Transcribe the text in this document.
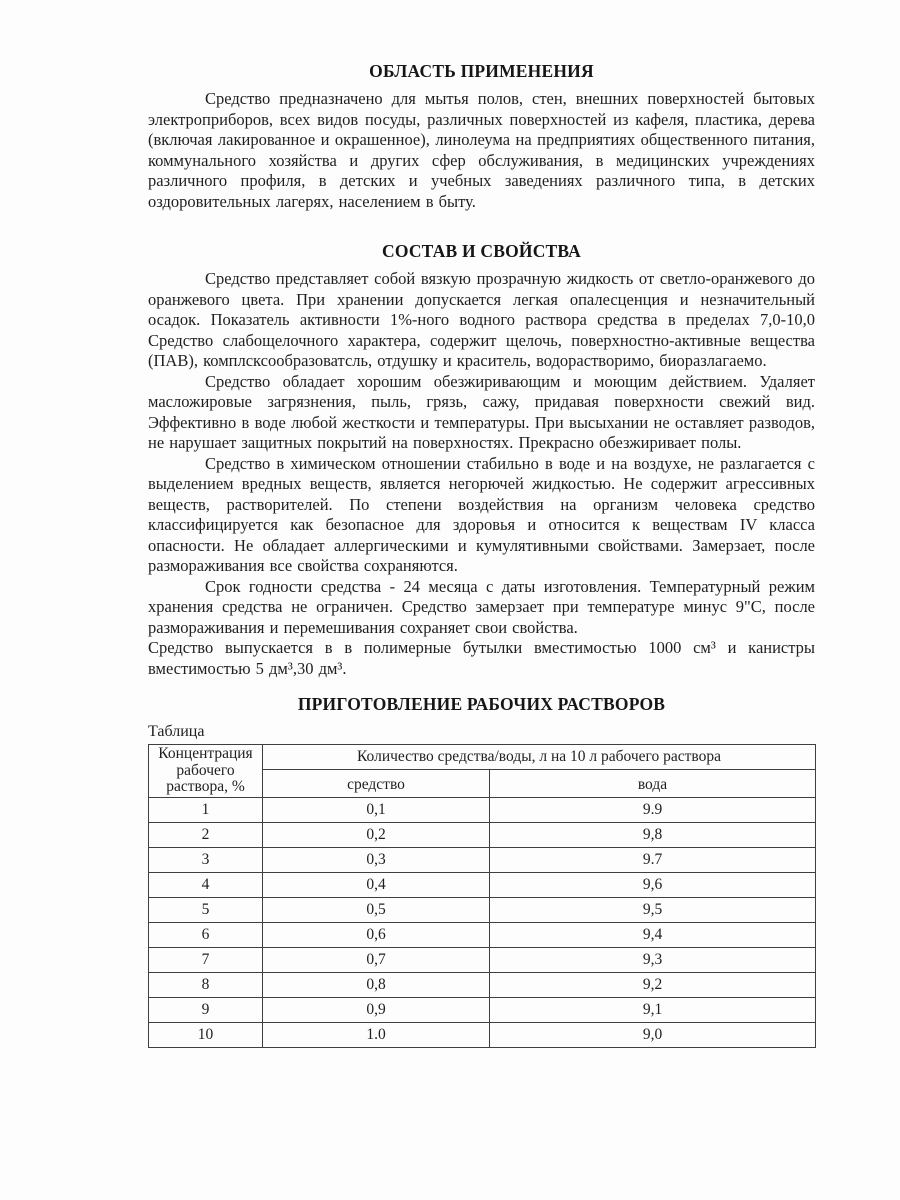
ОБЛАСТЬ ПРИМЕНЕНИЯ

Средство предназначено для мытья полов, стен, внешних поверхностей бытовых электроприборов, всех видов посуды, различных поверхностей из кафеля, пластика, дерева (включая лакированное и окрашенное), линолеума на предприятиях общественного питания, коммунального хозяйства и других сфер обслуживания, в медицинских учреждениях различного профиля, в детских и учебных заведениях различного типа, в детских оздоровительных лагерях, населением в быту.

СОСТАВ И СВОЙСТВА

Средство представляет собой вязкую прозрачную жидкость от светло-оранжевого до оранжевого цвета. При хранении допускается легкая опалесценция и незначительный осадок. Показатель активности 1%-ного водного раствора средства в пределах 7,0-10,0 Средство слабощелочного характера, содержит щелочь, поверхностно-активные вещества (ПАВ), комплсксообразоватсль, отдушку и краситель, водорастворимо, биоразлагаемо.

Средство обладает хорошим обезжиривающим и моющим действием. Удаляет масложировые загрязнения, пыль, грязь, сажу, придавая поверхности свежий вид. Эффективно в воде любой жесткости и температуры. При высыхании не оставляет разводов, не нарушает защитных покрытий на поверхностях. Прекрасно обезжиривает полы.

Средство в химическом отношении стабильно в воде и на воздухе, не разлагается с выделением вредных веществ, является негорючей жидкостью. Не содержит агрессивных веществ, растворителей. По степени воздействия на организм человека средство классифицируется как безопасное для здоровья и относится к веществам IV класса опасности. Не обладает аллергическими и кумулятивными свойствами. Замерзает, после размораживания все свойства сохраняются.

Срок годности средства - 24 месяца с даты изготовления. Температурный режим хранения средства не ограничен. Средство замерзает при температуре минус 9"С, после размораживания и перемешивания сохраняет свои свойства.

Средство выпускается в в полимерные бутылки вместимостью 1000 см³ и канистры вместимостью 5 дм³,30 дм³.

ПРИГОТОВЛЕНИЕ РАБОЧИХ РАСТВОРОВ
Таблица
Концентрация рабочего раствора, %	Количество средства/воды, л на 10 л рабочего раствора	
	средство	вода
1	0,1	9.9
2	0,2	9,8
3	0,3	9.7
4	0,4	9,6
5	0,5	9,5
6	0,6	9,4
7	0,7	9,3
8	0,8	9,2
9	0,9	9,1
10	1.0	9,0
